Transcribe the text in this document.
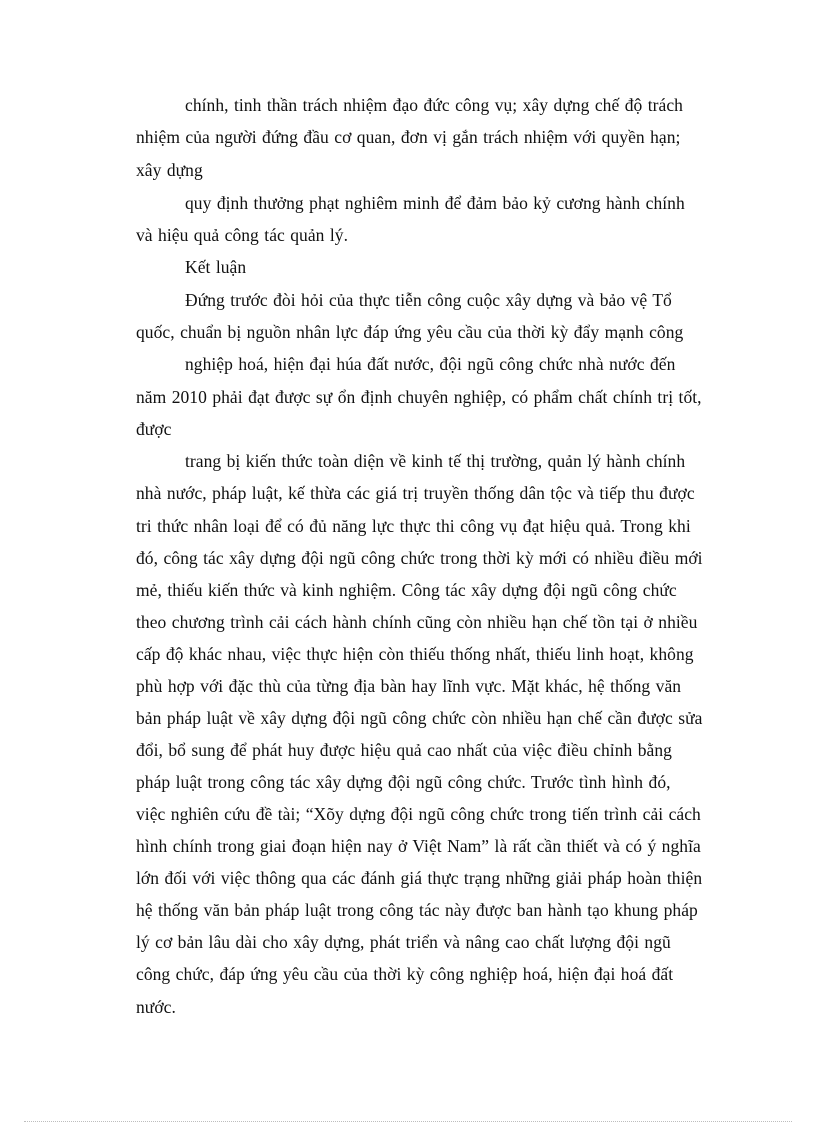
chính, tinh thần trách nhiệm đạo đức công vụ; xây dựng chế độ trách
nhiệm của người đứng đầu cơ quan, đơn vị gắn trách nhiệm với quyền hạn;
xây dựng
quy định thưởng phạt nghiêm minh để đảm bảo kỷ cương hành chính
và hiệu quả công tác quản lý.
Kết luận
Đứng trước đòi hỏi của thực tiễn công cuộc xây dựng và bảo vệ Tổ
quốc, chuẩn bị nguồn nhân lực đáp ứng yêu cầu của thời kỳ đẩy mạnh công
nghiệp hoá, hiện đại húa đất nước, đội ngũ công chức nhà nước đến
năm 2010 phải đạt được sự ổn định chuyên nghiệp, có phẩm chất chính trị tốt,
được
trang bị kiến thức toàn diện về kinh tế thị trường, quản lý hành chính
nhà nước, pháp luật, kế thừa các giá trị truyền thống dân tộc và tiếp thu được
tri thức nhân loại để có đủ năng lực thực thi công vụ đạt hiệu quả. Trong khi
đó, công tác xây dựng đội ngũ công chức trong thời kỳ mới có nhiều điều mới
mẻ, thiếu kiến thức và kinh nghiệm. Công tác xây dựng đội ngũ công chức
theo chương trình cải cách hành chính cũng còn nhiều hạn chế tồn tại ở nhiều
cấp độ khác nhau, việc thực hiện còn thiếu thống nhất, thiếu linh hoạt, không
phù hợp với đặc thù của từng địa bàn hay lĩnh vực. Mặt khác, hệ thống văn
bản pháp luật về xây dựng đội ngũ công chức còn nhiều hạn chế cần được sửa
đổi, bổ sung để phát huy được hiệu quả cao nhất của việc điều chỉnh bằng
pháp luật trong công tác xây dựng đội ngũ công chức. Trước tình hình đó,
việc nghiên cứu đề tài; “Xõy dựng đội ngũ công chức trong tiến trình cải cách
hình chính trong giai đoạn hiện nay ở Việt Nam” là rất cần thiết và có ý nghĩa
lớn đối với việc thông qua các đánh giá thực trạng những giải pháp hoàn thiện
hệ thống văn bản pháp luật trong công tác này được ban hành tạo khung pháp
lý cơ bản lâu dài cho xây dựng, phát triển và nâng cao chất lượng đội ngũ
công chức, đáp ứng yêu cầu của thời kỳ công nghiệp hoá, hiện đại hoá đất
nước.
